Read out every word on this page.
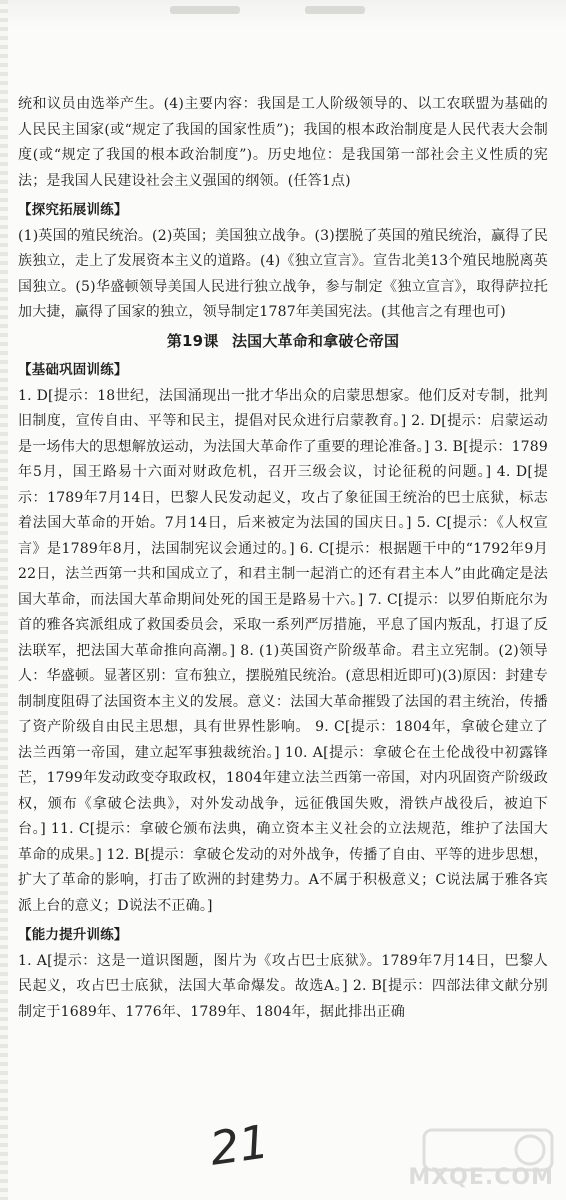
统和议员由选举产生。(4)主要内容：我国是工人阶级领导的、以工农联盟为基础的人民民主国家(或“规定了我国的国家性质”)；我国的根本政治制度是人民代表大会制度(或“规定了我国的根本政治制度”)。历史地位：是我国第一部社会主义性质的宪法；是我国人民建设社会主义强国的纲领。(任答1点)

【探究拓展训练】

(1)英国的殖民统治。(2)英国；美国独立战争。(3)摆脱了英国的殖民统治，赢得了民族独立，走上了发展资本主义的道路。(4)《独立宣言》。宣告北美13个殖民地脱离英国独立。(5)华盛顿领导美国人民进行独立战争，参与制定《独立宣言》，取得萨拉托加大捷，赢得了国家的独立，领导制定1787年美国宪法。(其他言之有理也可)

第19课 法国大革命和拿破仑帝国
【基础巩固训练】

1. D[提示：18世纪，法国涌现出一批才华出众的启蒙思想家。他们反对专制，批判旧制度，宣传自由、平等和民主，提倡对民众进行启蒙教育。] 2. D[提示：启蒙运动是一场伟大的思想解放运动，为法国大革命作了重要的理论准备。] 3. B[提示：1789年5月，国王路易十六面对财政危机，召开三级会议，讨论征税的问题。] 4. D[提示：1789年7月14日，巴黎人民发动起义，攻占了象征国王统治的巴士底狱，标志着法国大革命的开始。7月14日，后来被定为法国的国庆日。] 5. C[提示：《人权宣言》是1789年8月，法国制宪议会通过的。] 6. C[提示：根据题干中的“1792年9月22日，法兰西第一共和国成立了，和君主制一起消亡的还有君主本人”由此确定是法国大革命，而法国大革命期间处死的国王是路易十六。] 7. C[提示：以罗伯斯庇尔为首的雅各宾派组成了救国委员会，采取一系列严厉措施，平息了国内叛乱，打退了反法联军，把法国大革命推向高潮。] 8. (1)英国资产阶级革命。君主立宪制。(2)领导人：华盛顿。显著区别：宣布独立，摆脱殖民统治。(意思相近即可)(3)原因：封建专制制度阻碍了法国资本主义的发展。意义：法国大革命摧毁了法国的君主统治，传播了资产阶级自由民主思想，具有世界性影响。 9. C[提示：1804年，拿破仑建立了法兰西第一帝国，建立起军事独裁统治。] 10. A[提示：拿破仑在土伦战役中初露锋芒，1799年发动政变夺取政权，1804年建立法兰西第一帝国，对内巩固资产阶级政权，颁布《拿破仑法典》，对外发动战争，远征俄国失败，滑铁卢战役后，被迫下台。] 11. C[提示：拿破仑颁布法典，确立资本主义社会的立法规范，维护了法国大革命的成果。] 12. B[提示：拿破仑发动的对外战争，传播了自由、平等的进步思想，扩大了革命的影响，打击了欧洲的封建势力。A不属于积极意义；C说法属于雅各宾派上台的意义；D说法不正确。]

【能力提升训练】

1. A[提示：这是一道识图题，图片为《攻占巴士底狱》。1789年7月14日，巴黎人民起义，攻占巴士底狱，法国大革命爆发。故选A。] 2. B[提示：四部法律文献分别制定于1689年、1776年、1789年、1804年，据此排出正确

21
MXQE.COM
